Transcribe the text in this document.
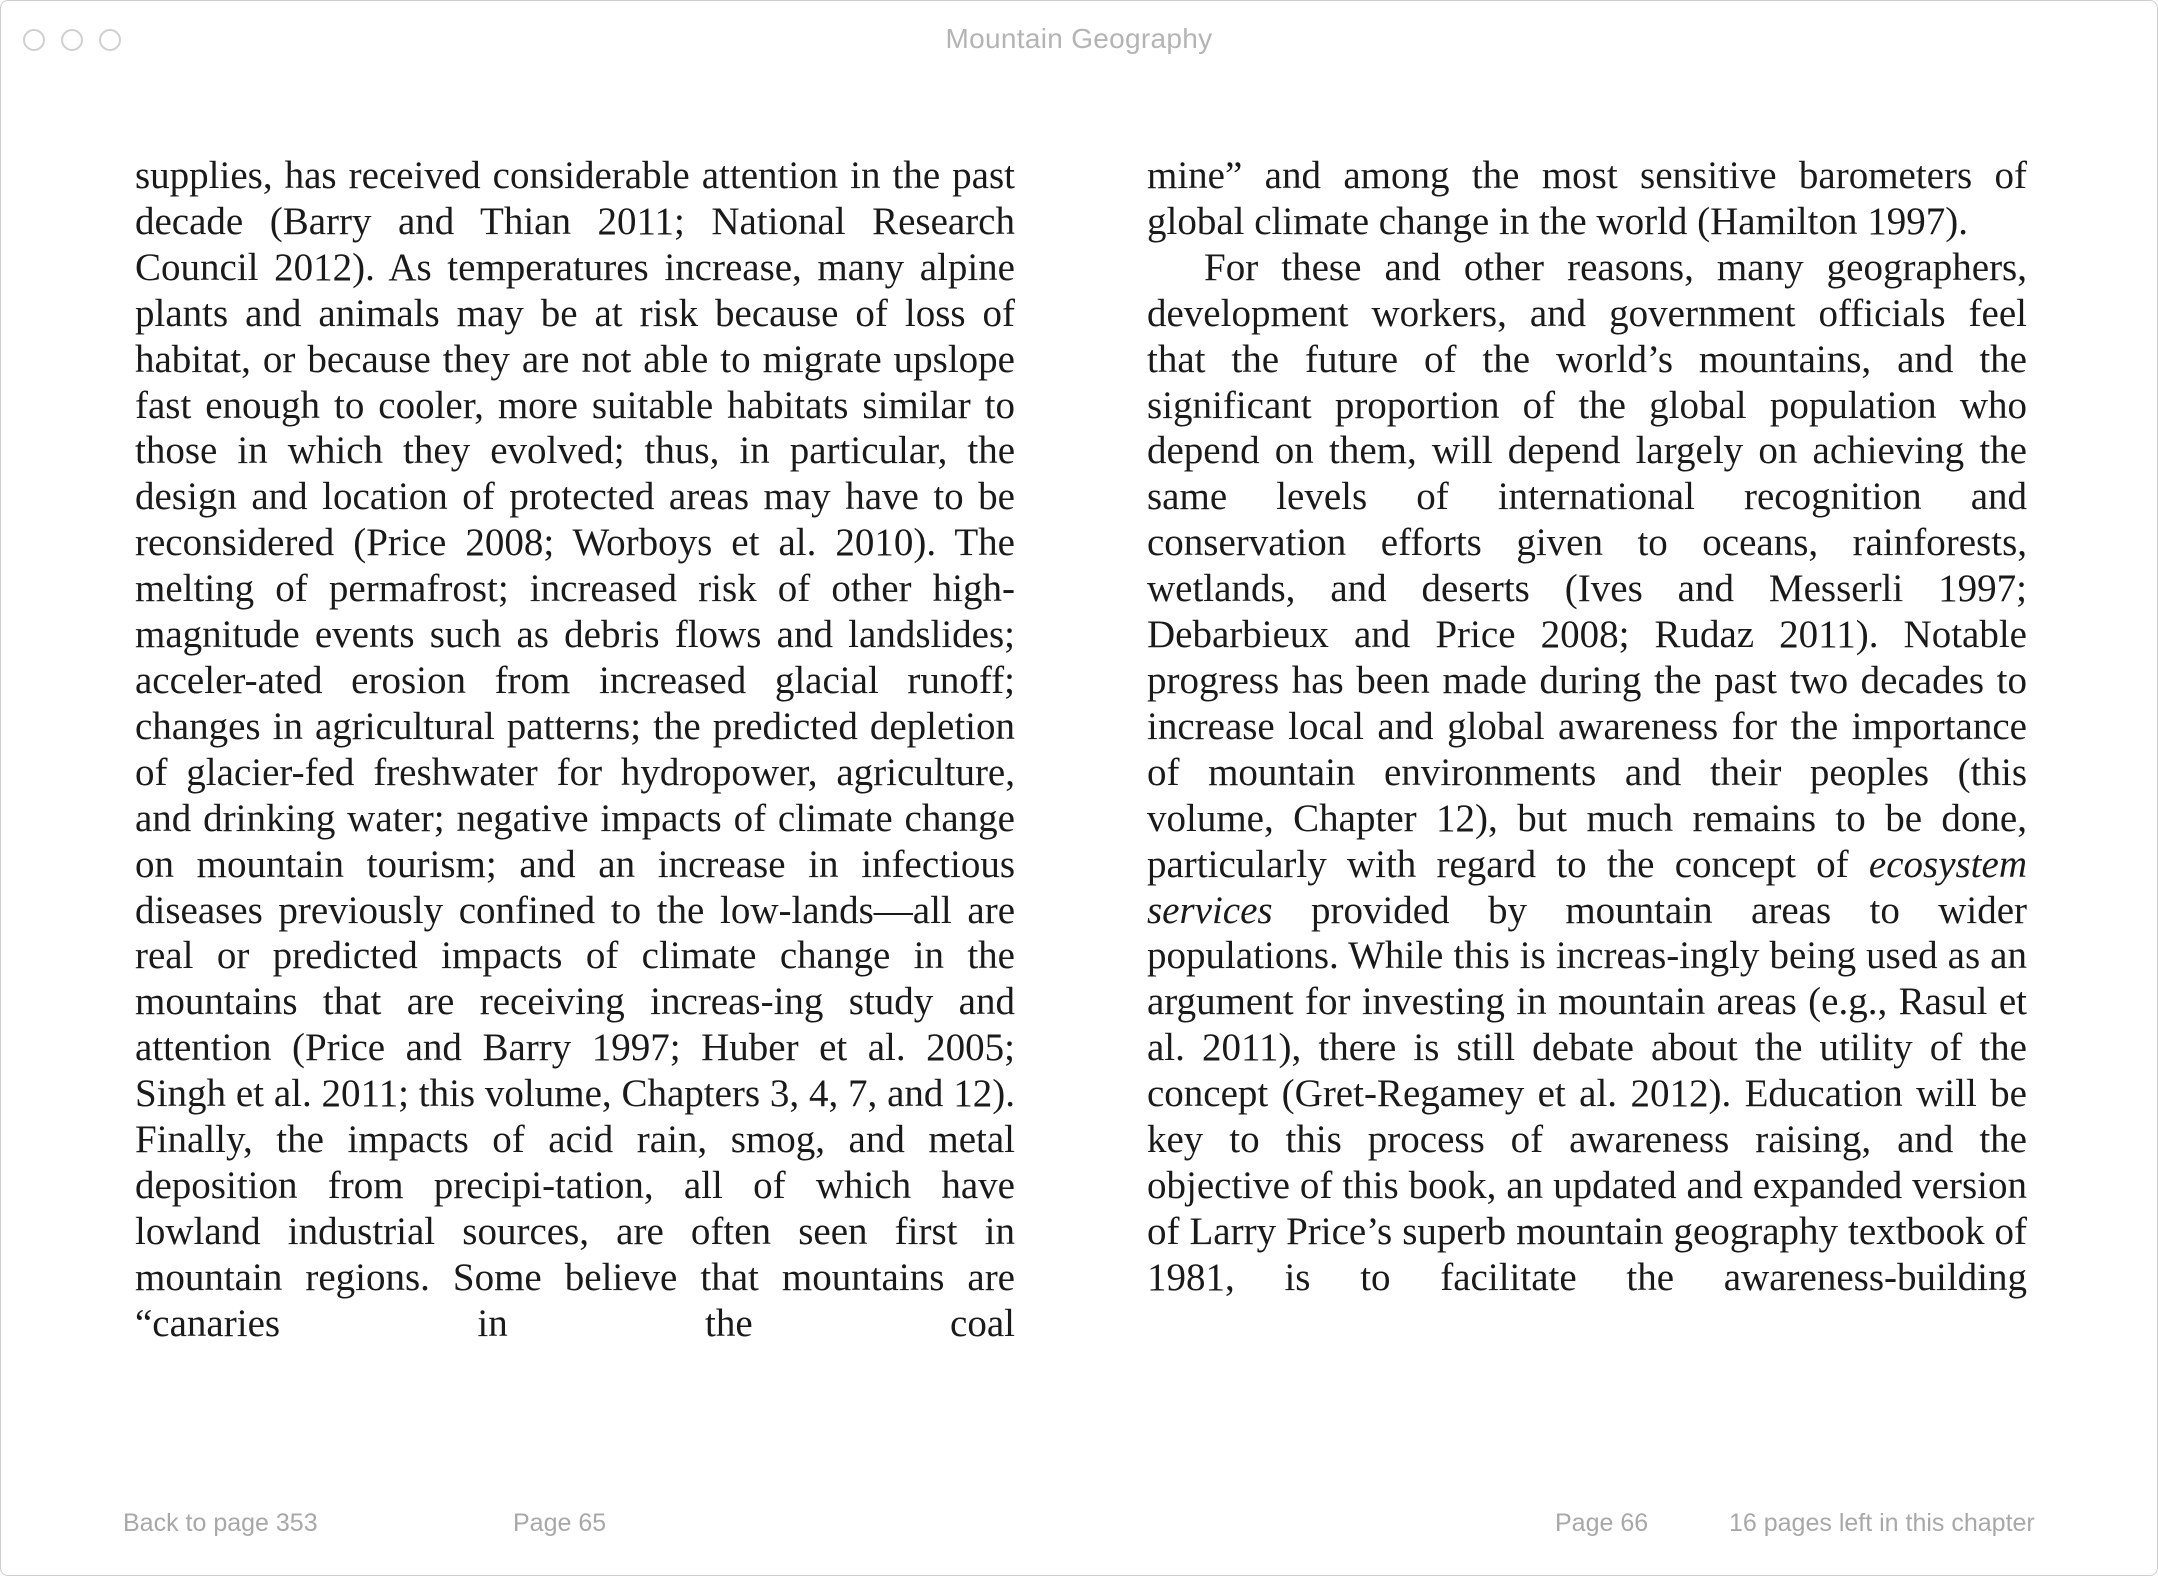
Mountain Geography

supplies, has received considerable attention in the past decade (Barry and Thian 2011; National Research Council 2012). As temperatures increase, many alpine plants and animals may be at risk because of loss of habitat, or because they are not able to migrate upslope fast enough to cooler, more suitable habitats similar to those in which they evolved; thus, in particular, the design and location of protected areas may have to be reconsidered (Price 2008; Worboys et al. 2010). The melting of permafrost; increased risk of other high-magnitude events such as debris flows and landslides; acceler-ated erosion from increased glacial runoff; changes in agricultural patterns; the predicted depletion of glacier-fed freshwater for hydropower, agriculture, and drinking water; negative impacts of climate change on mountain tourism; and an increase in infectious diseases previously confined to the low-lands—all are real or predicted impacts of climate change in the mountains that are receiving increas-ing study and attention (Price and Barry 1997; Huber et al. 2005; Singh et al. 2011; this volume, Chapters 3, 4, 7, and 12). Finally, the impacts of acid rain, smog, and metal deposition from precipi-tation, all of which have lowland industrial sources, are often seen first in mountain regions. Some believe that mountains are “canaries in the coal

mine” and among the most sensitive barometers of global climate change in the world (Hamilton 1997).

For these and other reasons, many geographers, development workers, and government officials feel that the future of the world’s mountains, and the significant proportion of the global population who depend on them, will depend largely on achieving the same levels of international recognition and conservation efforts given to oceans, rainforests, wetlands, and deserts (Ives and Messerli 1997; Debarbieux and Price 2008; Rudaz 2011). Notable progress has been made during the past two decades to increase local and global awareness for the importance of mountain environments and their peoples (this volume, Chapter 12), but much remains to be done, particularly with regard to the concept of ecosystem services provided by mountain areas to wider populations. While this is increas-ingly being used as an argument for investing in mountain areas (e.g., Rasul et al. 2011), there is still debate about the utility of the concept (Gret-Regamey et al. 2012). Education will be key to this process of awareness raising, and the objective of this book, an updated and expanded version of Larry Price’s superb mountain geography textbook of 1981, is to facilitate the awareness-building

Back to page 353	Page 65	Page 66	16 pages left in this chapter
